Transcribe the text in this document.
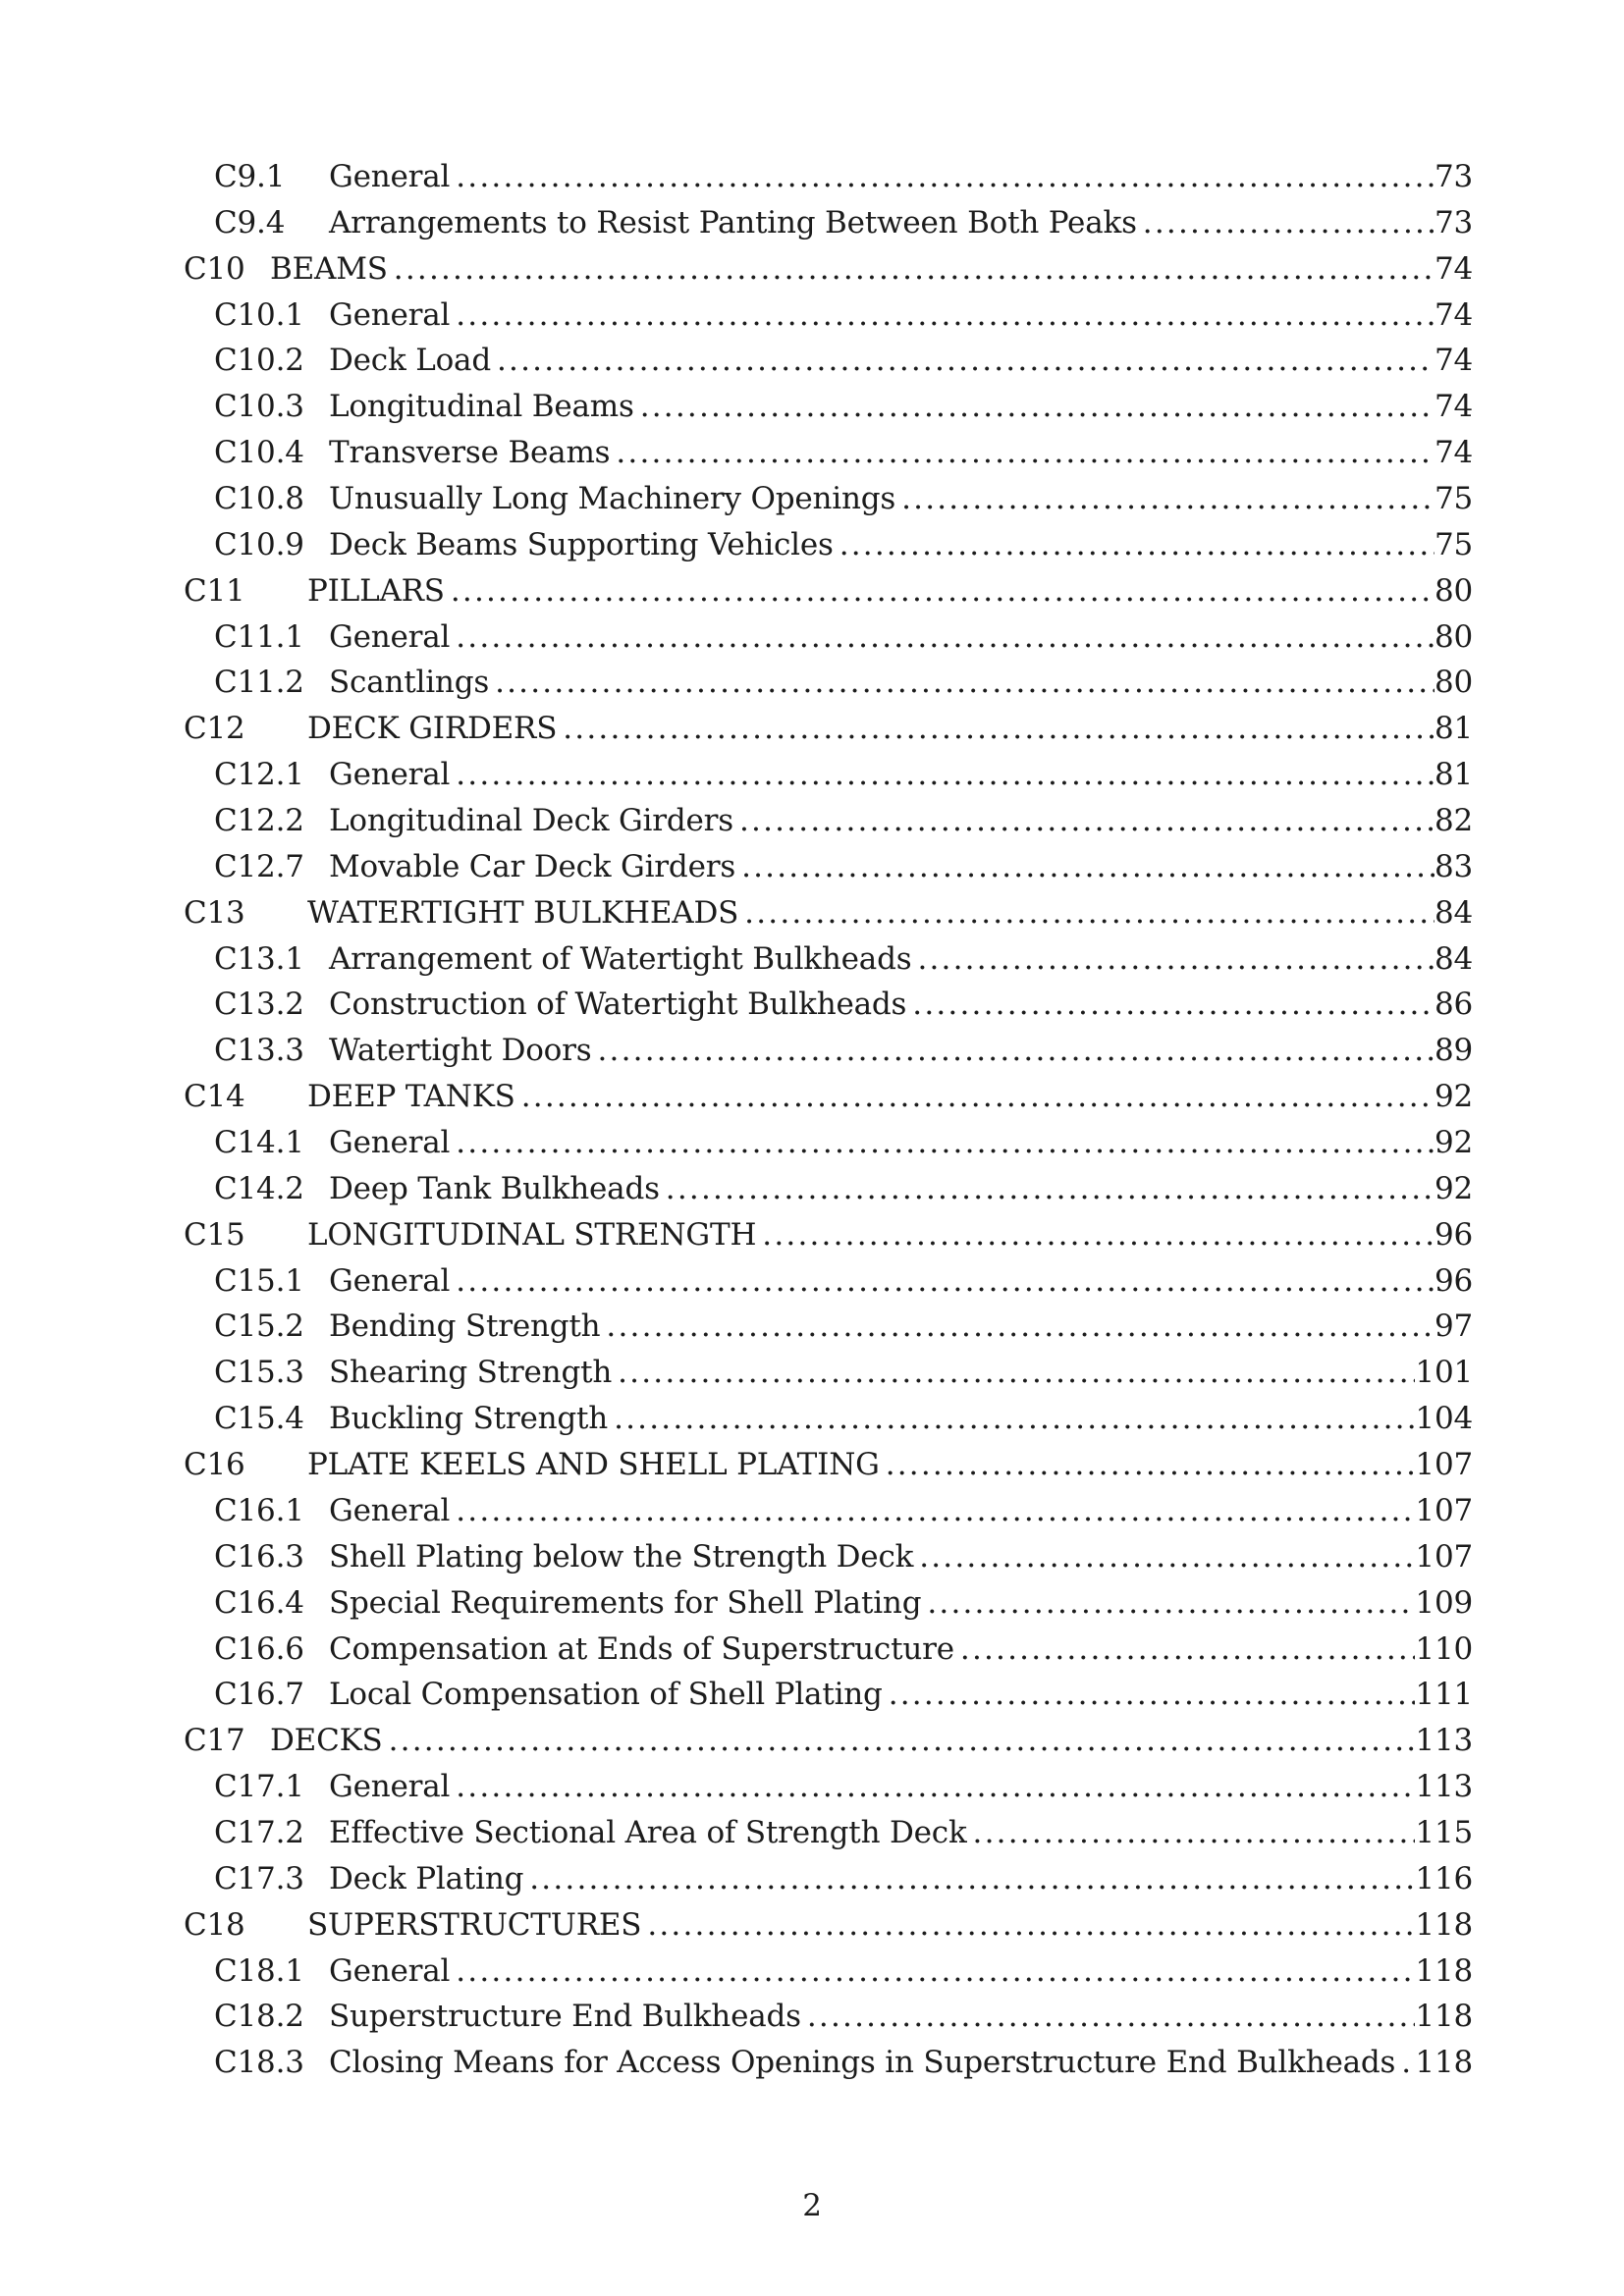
C9.1	General .....	73
C9.4	Arrangements to Resist Panting Between Both Peaks .....	73
C10 BEAMS .....	74
C10.1 General .....	74
C10.2 Deck Load .....	74
C10.3 Longitudinal Beams .....	74
C10.4 Transverse Beams .....	74
C10.8 Unusually Long Machinery Openings .....	75
C10.9 Deck Beams Supporting Vehicles .....	75
C11	PILLARS .....	80
C11.1 General .....	80
C11.2 Scantlings .....	80
C12	DECK GIRDERS .....	81
C12.1 General .....	81
C12.2 Longitudinal Deck Girders .....	82
C12.7 Movable Car Deck Girders .....	83
C13	WATERTIGHT BULKHEADS .....	84
C13.1 Arrangement of Watertight Bulkheads .....	84
C13.2 Construction of Watertight Bulkheads .....	86
C13.3 Watertight Doors .....	89
C14	DEEP TANKS .....	92
C14.1 General .....	92
C14.2 Deep Tank Bulkheads .....	92
C15	LONGITUDINAL STRENGTH .....	96
C15.1 General .....	96
C15.2 Bending Strength .....	97
C15.3 Shearing Strength .....	101
C15.4 Buckling Strength .....	104
C16	PLATE KEELS AND SHELL PLATING .....	107
C16.1 General .....	107
C16.3 Shell Plating below the Strength Deck .....	107
C16.4 Special Requirements for Shell Plating .....	109
C16.6 Compensation at Ends of Superstructure .....	110
C16.7 Local Compensation of Shell Plating .....	111
C17 DECKS .....	113
C17.1 General .....	113
C17.2 Effective Sectional Area of Strength Deck .....	115
C17.3 Deck Plating .....	116
C18	SUPERSTRUCTURES .....	118
C18.1 General .....	118
C18.2 Superstructure End Bulkheads .....	118
C18.3 Closing Means for Access Openings in Superstructure End Bulkheads ..... 118
2
